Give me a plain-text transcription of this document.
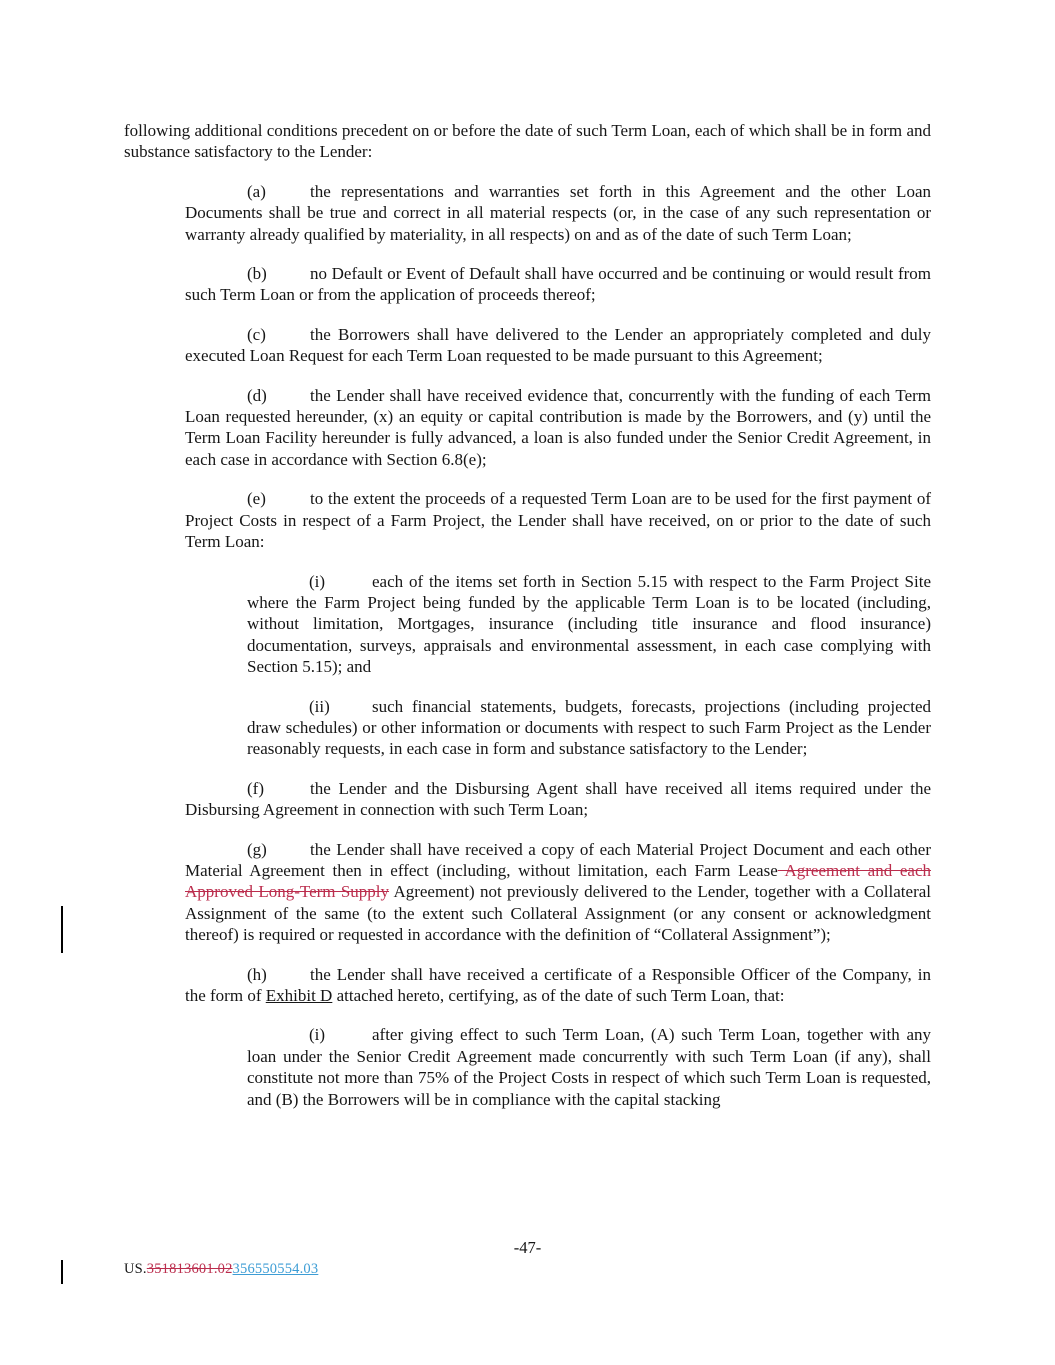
following additional conditions precedent on or before the date of such Term Loan, each of which shall be in form and substance satisfactory to the Lender:

(a)	the representations and warranties set forth in this Agreement and the other Loan Documents shall be true and correct in all material respects (or, in the case of any such representation or warranty already qualified by materiality, in all respects) on and as of the date of such Term Loan;

(b)	no Default or Event of Default shall have occurred and be continuing or would result from such Term Loan or from the application of proceeds thereof;

(c)	the Borrowers shall have delivered to the Lender an appropriately completed and duly executed Loan Request for each Term Loan requested to be made pursuant to this Agreement;

(d)	the Lender shall have received evidence that, concurrently with the funding of each Term Loan requested hereunder, (x) an equity or capital contribution is made by the Borrowers, and (y) until the Term Loan Facility hereunder is fully advanced, a loan is also funded under the Senior Credit Agreement, in each case in accordance with Section 6.8(e);

(e)	to the extent the proceeds of a requested Term Loan are to be used for the first payment of Project Costs in respect of a Farm Project, the Lender shall have received, on or prior to the date of such Term Loan:

(i)	each of the items set forth in Section 5.15 with respect to the Farm Project Site where the Farm Project being funded by the applicable Term Loan is to be located (including, without limitation, Mortgages, insurance (including title insurance and flood insurance) documentation, surveys, appraisals and environmental assessment, in each case complying with Section 5.15); and

(ii) such financial statements, budgets, forecasts, projections (including projected draw schedules) or other information or documents with respect to such Farm Project as the Lender reasonably requests, in each case in form and substance satisfactory to the Lender;

(f)	the Lender and the Disbursing Agent shall have received all items required under the Disbursing Agreement in connection with such Term Loan;

(g)	the Lender shall have received a copy of each Material Project Document and each other Material Agreement then in effect (including, without limitation, each Farm Lease Agreement and each Approved Long-Term Supply Agreement) not previously delivered to the Lender, together with a Collateral Assignment of the same (to the extent such Collateral Assignment (or any consent or acknowledgment thereof) is required or requested in accordance with the definition of “Collateral Assignment”);

(h)	the Lender shall have received a certificate of a Responsible Officer of the Company, in the form of Exhibit D attached hereto, certifying, as of the date of such Term Loan, that:

(i)	after giving effect to such Term Loan, (A) such Term Loan, together with any loan under the Senior Credit Agreement made concurrently with such Term Loan (if any), shall constitute not more than 75% of the Project Costs in respect of which such Term Loan is requested, and (B) the Borrowers will be in compliance with the capital stacking

-47-
US.351813601.02356550554.03
